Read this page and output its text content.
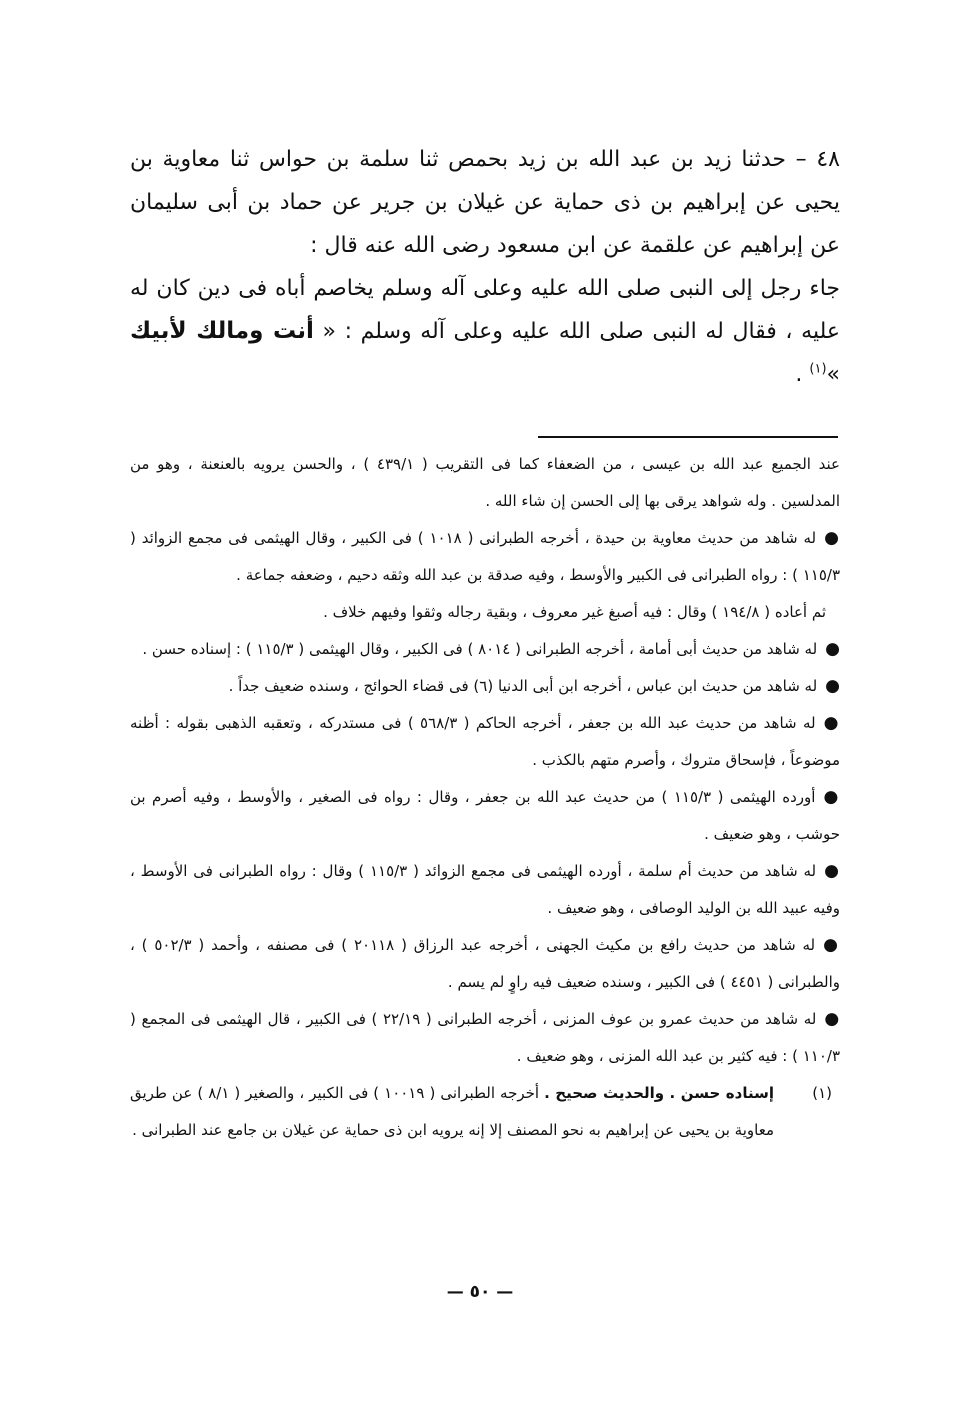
٤٨ – حدثنا زيد بن عبد الله بن زيد بحمص ثنا سلمة بن حواس ثنا معاوية بن يحيى عن إبراهيم بن ذى حماية عن غيلان بن جرير عن حماد بن أبى سليمان عن إبراهيم عن علقمة عن ابن مسعود رضى الله عنه قال :

جاء رجل إلى النبى صلى الله عليه وعلى آله وسلم يخاصم أباه فى دين كان له عليه ، فقال له النبى صلى الله عليه وعلى آله وسلم : « أنت ومالك لأبيك »$^{(١)}$ .

عند الجميع عبد الله بن عيسى ، من الضعفاء كما فى التقريب ( ٤٣٩/١ ) ، والحسن يرويه بالعنعنة ، وهو من المدلسين . وله شواهد يرقى بها إلى الحسن إن شاء الله .

●له شاهد من حديث معاوية بن حيدة ، أخرجه الطبرانى ( ١٠١٨ ) فى الكبير ، وقال الهيثمى فى مجمع الزوائد ( ١١٥/٣ ) : رواه الطبرانى فى الكبير والأوسط ، وفيه صدقة بن عبد الله وثقه دحيم ، وضعفه جماعة .

ثم أعاده ( ١٩٤/٨ ) وقال : فيه أصبغ غير معروف ، وبقية رجاله وثقوا وفيهم خلاف .

●له شاهد من حديث أبى أمامة ، أخرجه الطبرانى ( ٨٠١٤ ) فى الكبير ، وقال الهيثمى ( ١١٥/٣ ) : إسناده حسن .

●له شاهد من حديث ابن عباس ، أخرجه ابن أبى الدنيا (٦) فى قضاء الحوائج ، وسنده ضعيف جداً .

●له شاهد من حديث عبد الله بن جعفر ، أخرجه الحاكم ( ٥٦٨/٣ ) فى مستدركه ، وتعقبه الذهبى بقوله : أظنه موضوعاً ، فإسحاق متروك ، وأصرم متهم بالكذب .

●أورده الهيثمى ( ١١٥/٣ ) من حديث عبد الله بن جعفر ، وقال : رواه فى الصغير ، والأوسط ، وفيه أصرم بن حوشب ، وهو ضعيف .

●له شاهد من حديث أم سلمة ، أورده الهيثمى فى مجمع الزوائد ( ١١٥/٣ ) وقال : رواه الطبرانى فى الأوسط ، وفيه عبيد الله بن الوليد الوصافى ، وهو ضعيف .

●له شاهد من حديث رافع بن مكيث الجهنى ، أخرجه عبد الرزاق ( ٢٠١١٨ ) فى مصنفه ، وأحمد ( ٥٠٢/٣ ) ، والطبرانى ( ٤٤٥١ ) فى الكبير ، وسنده ضعيف فيه راوٍ لم يسم .

●له شاهد من حديث عمرو بن عوف المزنى ، أخرجه الطبرانى ( ٢٢/١٩ ) فى الكبير ، قال الهيثمى فى المجمع ( ١١٠/٣ ) : فيه كثير بن عبد الله المزنى ، وهو ضعيف .

(١)
إسناده حسن . والحديث صحيح . أخرجه الطبرانى ( ١٠٠١٩ ) فى الكبير ، والصغير ( ٨/١ ) عن طريق معاوية بن يحيى عن إبراهيم به نحو المصنف إلا إنه يرويه ابن ذى حماية عن غيلان بن جامع عند الطبرانى .
— ٥٠ —
